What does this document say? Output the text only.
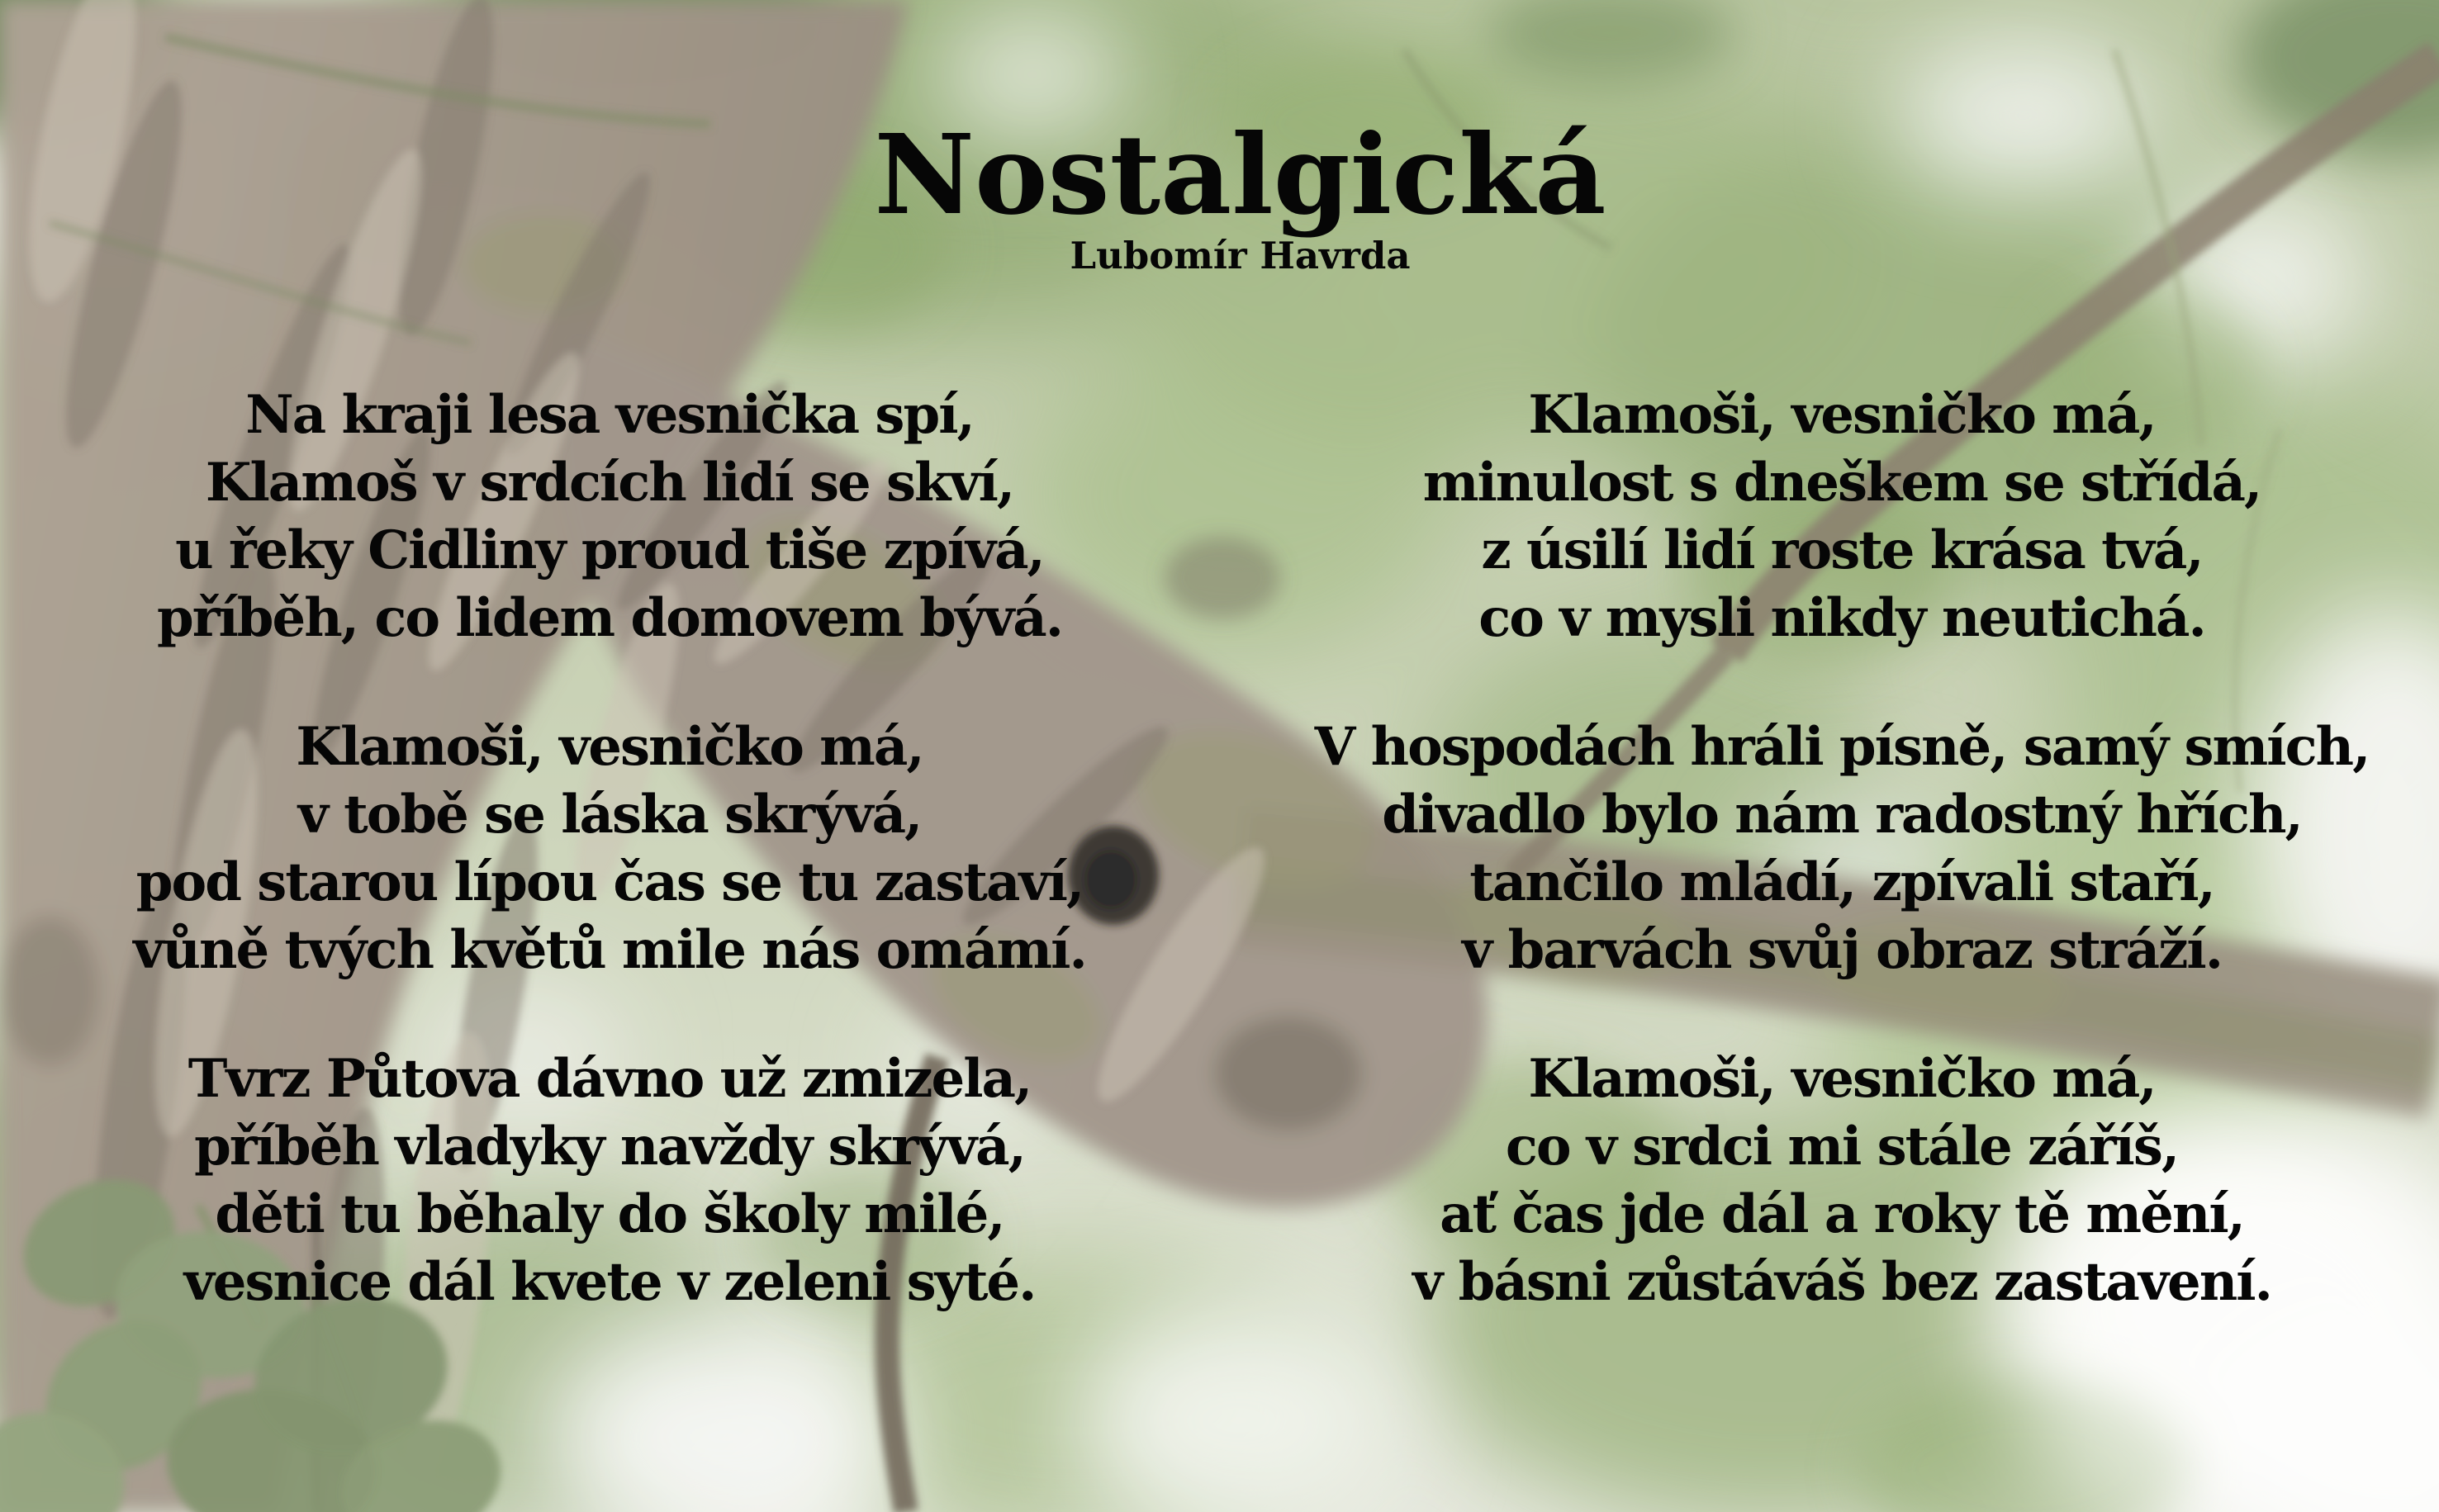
Nostalgická
Lubomír Havrda
Na kraji lesa vesnička spí,
Klamoš v srdcích lidí se skví,
u řeky Cidliny proud tiše zpívá,
příběh, co lidem domovem bývá.
Klamoši, vesničko má,
v tobě se láska skrývá,
pod starou lípou čas se tu zastaví,
vůně tvých květů mile nás omámí.
Tvrz Půtova dávno už zmizela,
příběh vladyky navždy skrývá,
děti tu běhaly do školy milé,
vesnice dál kvete v zeleni syté.
Klamoši, vesničko má,
minulost s dneškem se střídá,
z úsilí lidí roste krása tvá,
co v mysli nikdy neutichá.
V hospodách hráli písně, samý smích,
divadlo bylo nám radostný hřích,
tančilo mládí, zpívali staří,
v barvách svůj obraz stráží.
Klamoši, vesničko má,
co v srdci mi stále záříš,
ať čas jde dál a roky tě mění,
v básni zůstáváš bez zastavení.
